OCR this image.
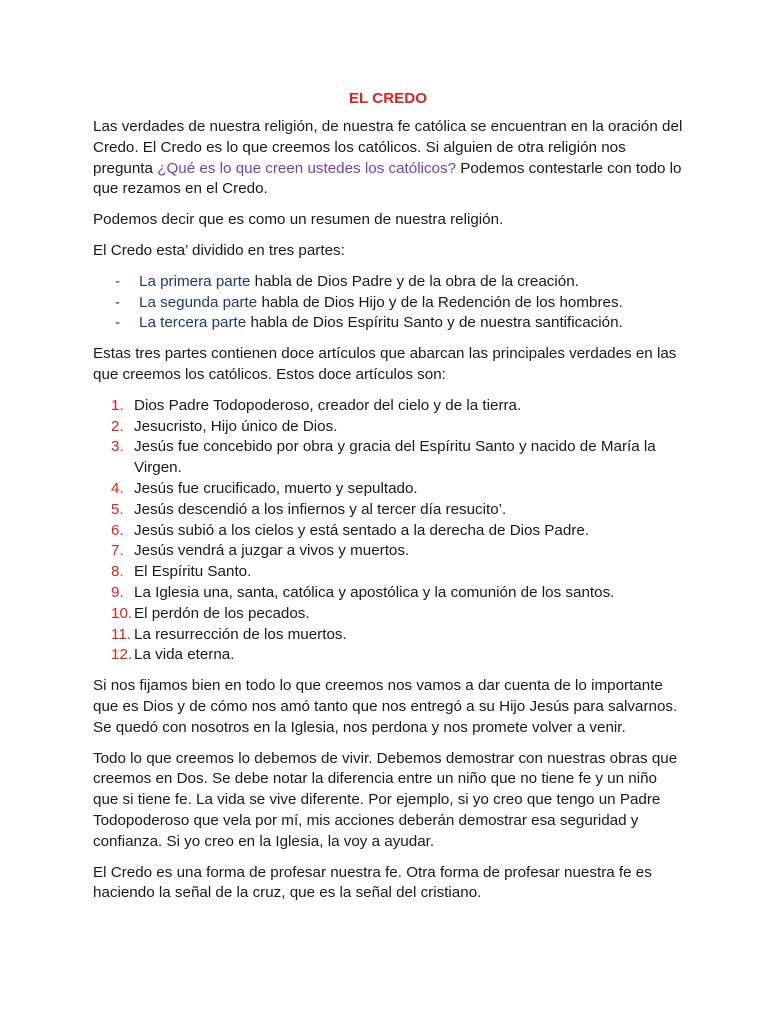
EL CREDO

Las verdades de nuestra religión, de nuestra fe católica se encuentran en la oración del Credo. El Credo es lo que creemos los católicos. Si alguien de otra religión nos pregunta ¿Qué es lo que creen ustedes los católicos? Podemos contestarle con todo lo que rezamos en el Credo.

Podemos decir que es como un resumen de nuestra religión.

El Credo esta’ dividido en tres partes:

- La primera parte habla de Dios Padre y de la obra de la creación.
- La segunda parte habla de Dios Hijo y de la Redención de los hombres.
- La tercera parte habla de Dios Espíritu Santo y de nuestra santificación.

Estas tres partes contienen doce artículos que abarcan las principales verdades en las que creemos los católicos. Estos doce artículos son:

1. Dios Padre Todopoderoso, creador del cielo y de la tierra.
2. Jesucristo, Hijo único de Dios.
3. Jesús fue concebido por obra y gracia del Espíritu Santo y nacido de María la Virgen.
4. Jesús fue crucificado, muerto y sepultado.
5. Jesús descendió a los infiernos y al tercer día resucito’.
6. Jesús subió a los cielos y está sentado a la derecha de Dios Padre.
7. Jesús vendrá a juzgar a vivos y muertos.
8. El Espíritu Santo.
9. La Iglesia una, santa, católica y apostólica y la comunión de los santos.
10. El perdón de los pecados.
11. La resurrección de los muertos.
12. La vida eterna.

Si nos fijamos bien en todo lo que creemos nos vamos a dar cuenta de lo importante que es Dios y de cómo nos amó tanto que nos entregó a su Hijo Jesús para salvarnos. Se quedó con nosotros en la Iglesia, nos perdona y nos promete volver a venir.

Todo lo que creemos lo debemos de vivir. Debemos demostrar con nuestras obras que creemos en Dos. Se debe notar la diferencia entre un niño que no tiene fe y un niño que si tiene fe. La vida se vive diferente. Por ejemplo, si yo creo que tengo un Padre Todopoderoso que vela por mí, mis acciones deberán demostrar esa seguridad y confianza. Si yo creo en la Iglesia, la voy a ayudar.

El Credo es una forma de profesar nuestra fe. Otra forma de profesar nuestra fe es haciendo la señal de la cruz, que es la señal del cristiano.
